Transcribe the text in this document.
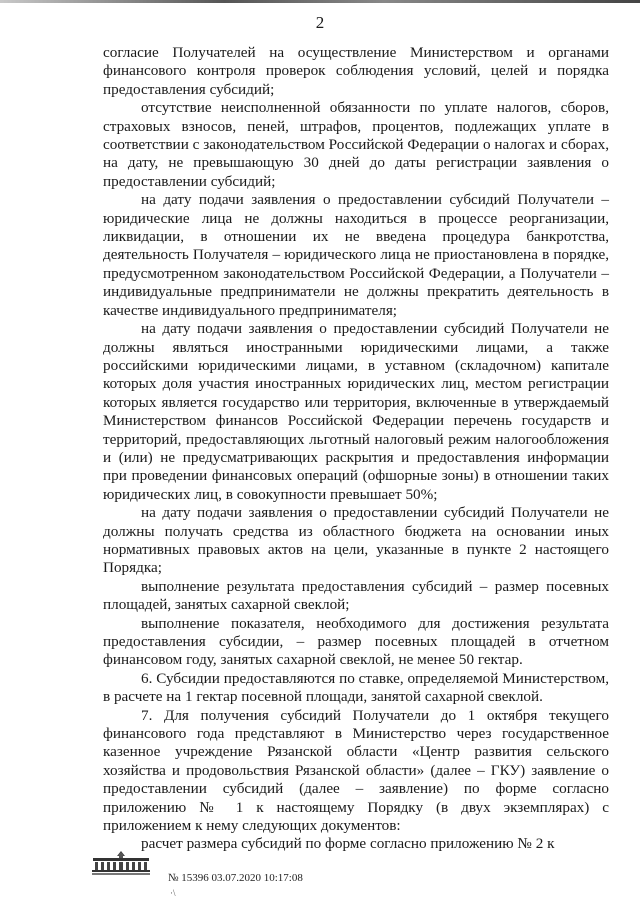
2

согласие Получателей на осуществление Министерством и органами финансового контроля проверок соблюдения условий, целей и порядка предоставления субсидий;

отсутствие неисполненной обязанности по уплате налогов, сборов, страховых взносов, пеней, штрафов, процентов, подлежащих уплате в соответствии с законодательством Российской Федерации о налогах и сборах, на дату, не превышающую 30 дней до даты регистрации заявления о предоставлении субсидий;

на дату подачи заявления о предоставлении субсидий Получатели – юридические лица не должны находиться в процессе реорганизации, ликвидации, в отношении их не введена процедура банкротства, деятельность Получателя – юридического лица не приостановлена в порядке, предусмотренном законодательством Российской Федерации, а Получатели – индивидуальные предприниматели не должны прекратить деятельность в качестве индивидуального предпринимателя;

на дату подачи заявления о предоставлении субсидий Получатели не должны являться иностранными юридическими лицами, а также российскими юридическими лицами, в уставном (складочном) капитале которых доля участия иностранных юридических лиц, местом регистрации которых является государство или территория, включенные в утверждаемый Министерством финансов Российской Федерации перечень государств и территорий, предоставляющих льготный налоговый режим налогообложения и (или) не предусматривающих раскрытия и предоставления информации при проведении финансовых операций (офшорные зоны) в отношении таких юридических лиц, в совокупности превышает 50%;

на дату подачи заявления о предоставлении субсидий Получатели не должны получать средства из областного бюджета на основании иных нормативных правовых актов на цели, указанные в пункте 2 настоящего Порядка;

выполнение результата предоставления субсидий – размер посевных площадей, занятых сахарной свеклой;

выполнение показателя, необходимого для достижения результата предоставления субсидии, – размер посевных площадей в отчетном финансовом году, занятых сахарной свеклой, не менее 50 гектар.

6. Субсидии предоставляются по ставке, определяемой Министерством, в расчете на 1 гектар посевной площади, занятой сахарной свеклой.

7. Для получения субсидий Получатели до 1 октября текущего финансового года представляют в Министерство через государственное казенное учреждение Рязанской области «Центр развития сельского хозяйства и продовольствия Рязанской области» (далее – ГКУ) заявление о предоставлении субсидий (далее – заявление) по форме согласно приложению № 1 к настоящему Порядку (в двух экземплярах) с приложением к нему следующих документов:

расчет размера субсидий по форме согласно приложению № 2 к

№ 15396 03.07.2020 10:17:08
·\
